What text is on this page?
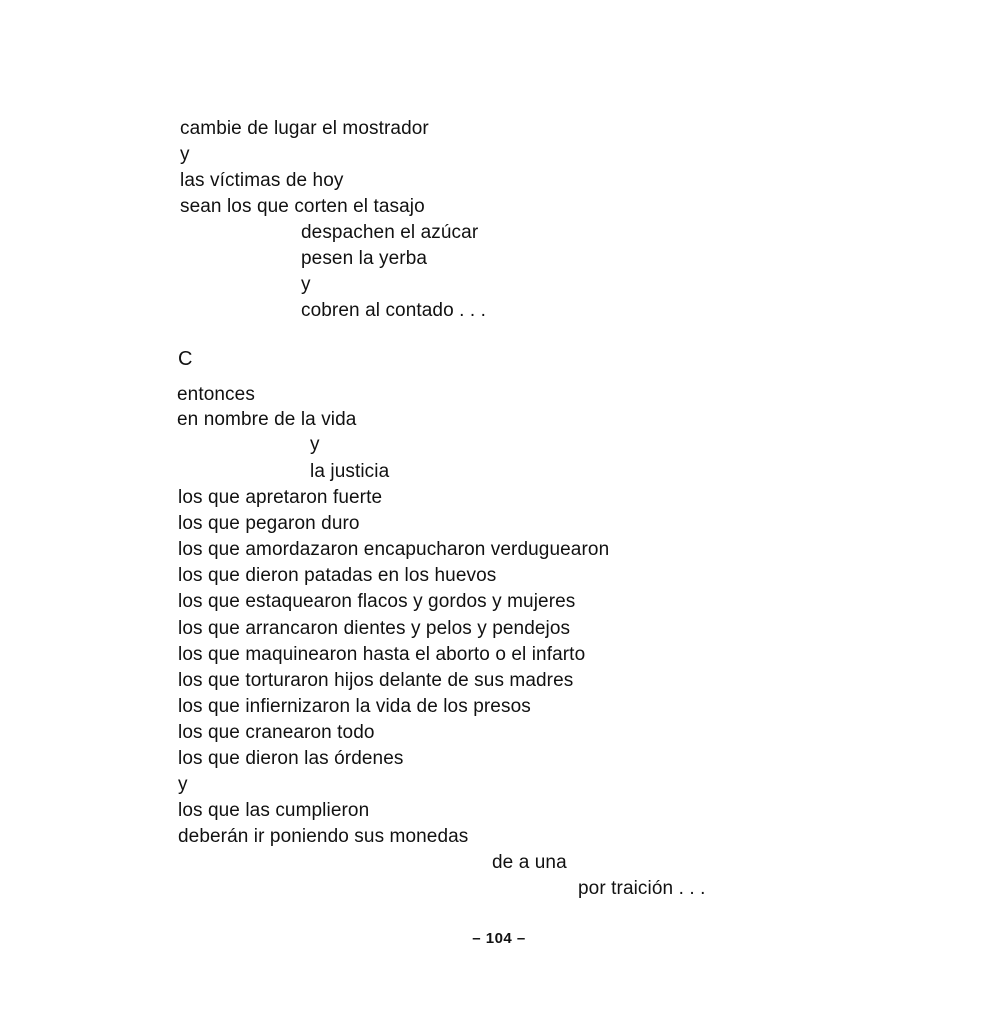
cambie de lugar el mostrador
y
las víctimas de hoy
sean los que corten el tasajo
despachen el azúcar
pesen la yerba
y
cobren al contado . . .
C
entonces
en nombre de la vida
y
la justicia
los que apretaron fuerte
los que pegaron duro
los que amordazaron encapucharon verduguearon
los que dieron patadas en los huevos
los que estaquearon flacos y gordos y mujeres
los que arrancaron dientes y pelos y pendejos
los que maquinearon hasta el aborto o el infarto
los que torturaron hijos delante de sus madres
los que infiernizaron la vida de los presos
los que cranearon todo
los que dieron las órdenes
y
los que las cumplieron
deberán ir poniendo sus monedas
de a una
por traición . . .
– 104 –
